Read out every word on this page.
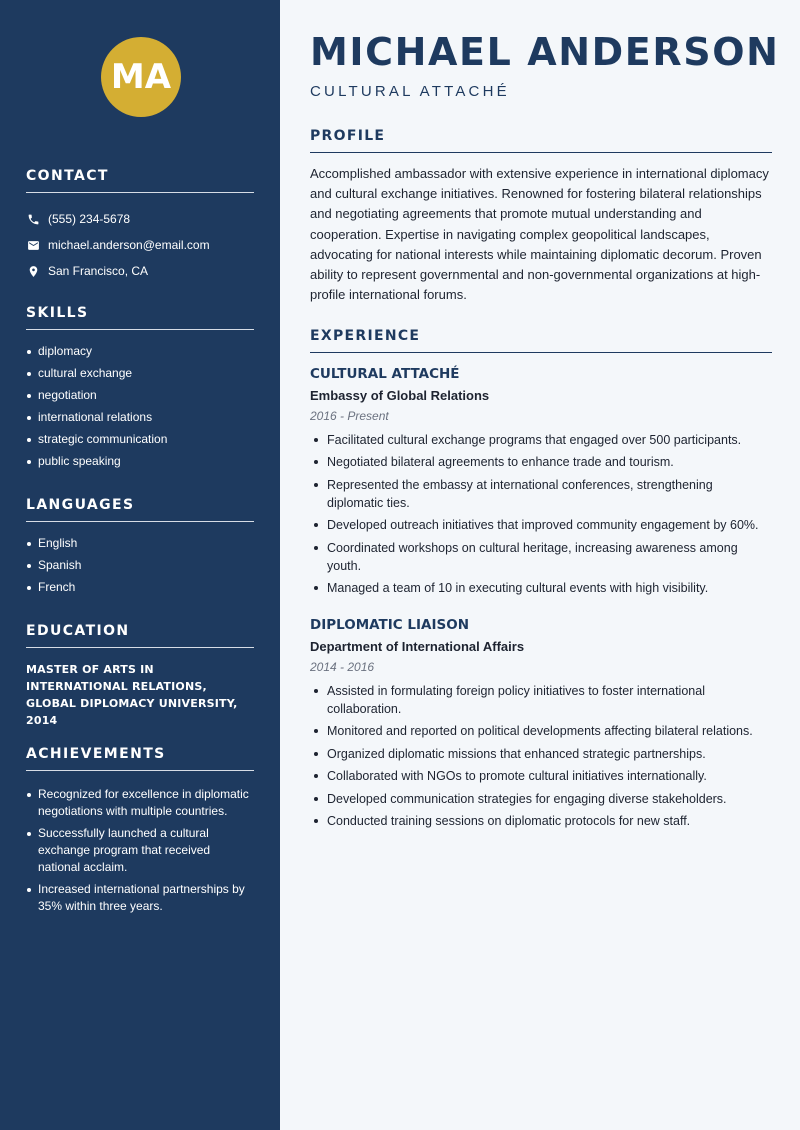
MA
CONTACT
(555) 234-5678
michael.anderson@email.com
San Francisco, CA
SKILLS
diplomacy
cultural exchange
negotiation
international relations
strategic communication
public speaking
LANGUAGES
English
Spanish
French
EDUCATION
MASTER OF ARTS IN INTERNATIONAL RELATIONS, GLOBAL DIPLOMACY UNIVERSITY, 2014
ACHIEVEMENTS
Recognized for excellence in diplomatic negotiations with multiple countries.
Successfully launched a cultural exchange program that received national acclaim.
Increased international partnerships by 35% within three years.
MICHAEL ANDERSON
CULTURAL ATTACHÉ
PROFILE
Accomplished ambassador with extensive experience in international diplomacy and cultural exchange initiatives. Renowned for fostering bilateral relationships and negotiating agreements that promote mutual understanding and cooperation. Expertise in navigating complex geopolitical landscapes, advocating for national interests while maintaining diplomatic decorum. Proven ability to represent governmental and non-governmental organizations at high-profile international forums.
EXPERIENCE
CULTURAL ATTACHÉ
Embassy of Global Relations
2016 - Present
Facilitated cultural exchange programs that engaged over 500 participants.
Negotiated bilateral agreements to enhance trade and tourism.
Represented the embassy at international conferences, strengthening diplomatic ties.
Developed outreach initiatives that improved community engagement by 60%.
Coordinated workshops on cultural heritage, increasing awareness among youth.
Managed a team of 10 in executing cultural events with high visibility.
DIPLOMATIC LIAISON
Department of International Affairs
2014 - 2016
Assisted in formulating foreign policy initiatives to foster international collaboration.
Monitored and reported on political developments affecting bilateral relations.
Organized diplomatic missions that enhanced strategic partnerships.
Collaborated with NGOs to promote cultural initiatives internationally.
Developed communication strategies for engaging diverse stakeholders.
Conducted training sessions on diplomatic protocols for new staff.
